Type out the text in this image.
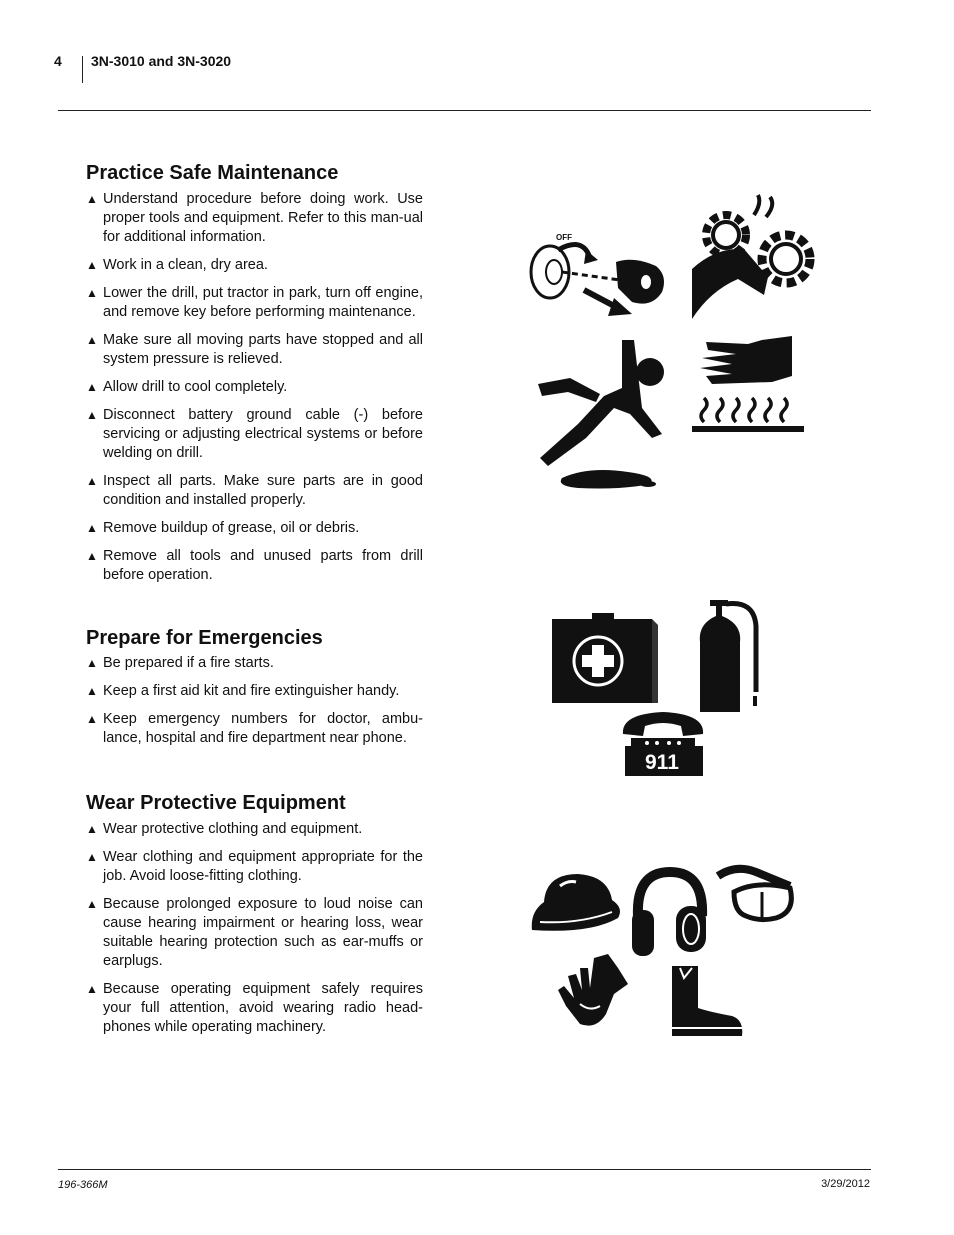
4 3N-3010 and 3N-3020
Practice Safe Maintenance
▲ Understand procedure before doing work. Use proper tools and equipment. Refer to this man-ual for additional information.
▲ Work in a clean, dry area.
▲ Lower the drill, put tractor in park, turn off engine, and remove key before performing maintenance.
▲ Make sure all moving parts have stopped and all system pressure is relieved.
▲ Allow drill to cool completely.
▲ Disconnect battery ground cable (-) before servicing or adjusting electrical systems or before welding on drill.
▲ Inspect all parts. Make sure parts are in good condition and installed properly.
▲ Remove buildup of grease, oil or debris.
▲ Remove all tools and unused parts from drill before operation.
Prepare for Emergencies
▲ Be prepared if a fire starts.
▲ Keep a first aid kit and fire extinguisher handy.
▲ Keep emergency numbers for doctor, ambu-lance, hospital and fire department near phone.
Wear Protective Equipment
▲ Wear protective clothing and equipment.
▲ Wear clothing and equipment appropriate for the job. Avoid loose-fitting clothing.
▲ Because prolonged exposure to loud noise can cause hearing impairment or hearing loss, wear suitable hearing protection such as ear-muffs or earplugs.
▲ Because operating equipment safely requires your full attention, avoid wearing radio head-phones while operating machinery.
OFF
911
196-366M	3/29/2012
